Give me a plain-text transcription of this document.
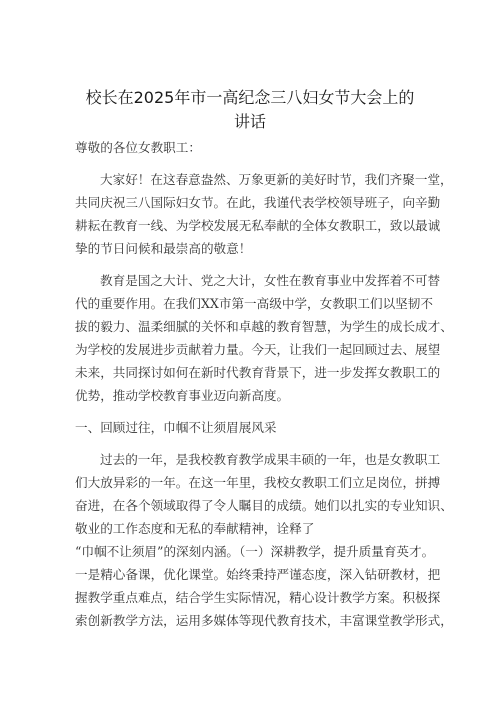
校长在2025年市一高纪念三八妇女节大会上的
讲话
尊敬的各位女教职工：
大家好！在这春意盎然、万象更新的美好时节，我们齐聚一堂，
共同庆祝三八国际妇女节。在此，我谨代表学校领导班子，向辛勤
耕耘在教育一线、为学校发展无私奉献的全体女教职工，致以最诚
挚的节日问候和最崇高的敬意！
教育是国之大计、党之大计，女性在教育事业中发挥着不可替
代的重要作用。在我们XX市第一高级中学，女教职工们以坚韧不
拔的毅力、温柔细腻的关怀和卓越的教育智慧，为学生的成长成才、
为学校的发展进步贡献着力量。今天，让我们一起回顾过去、展望
未来，共同探讨如何在新时代教育背景下，进一步发挥女教职工的
优势，推动学校教育事业迈向新高度。
一、回顾过往，巾帼不让须眉展风采
过去的一年，是我校教育教学成果丰硕的一年，也是女教职工
们大放异彩的一年。在这一年里，我校女教职工们立足岗位，拼搏
奋进，在各个领域取得了令人瞩目的成绩。她们以扎实的专业知识、
敬业的工作态度和无私的奉献精神，诠释了
“巾帼不让须眉”的深刻内涵。（一）深耕教学，提升质量育英才。
一是精心备课，优化课堂。始终秉持严谨态度，深入钻研教材，把
握教学重点难点，结合学生实际情况，精心设计教学方案。积极探
索创新教学方法，运用多媒体等现代教育技术，丰富课堂教学形式，
